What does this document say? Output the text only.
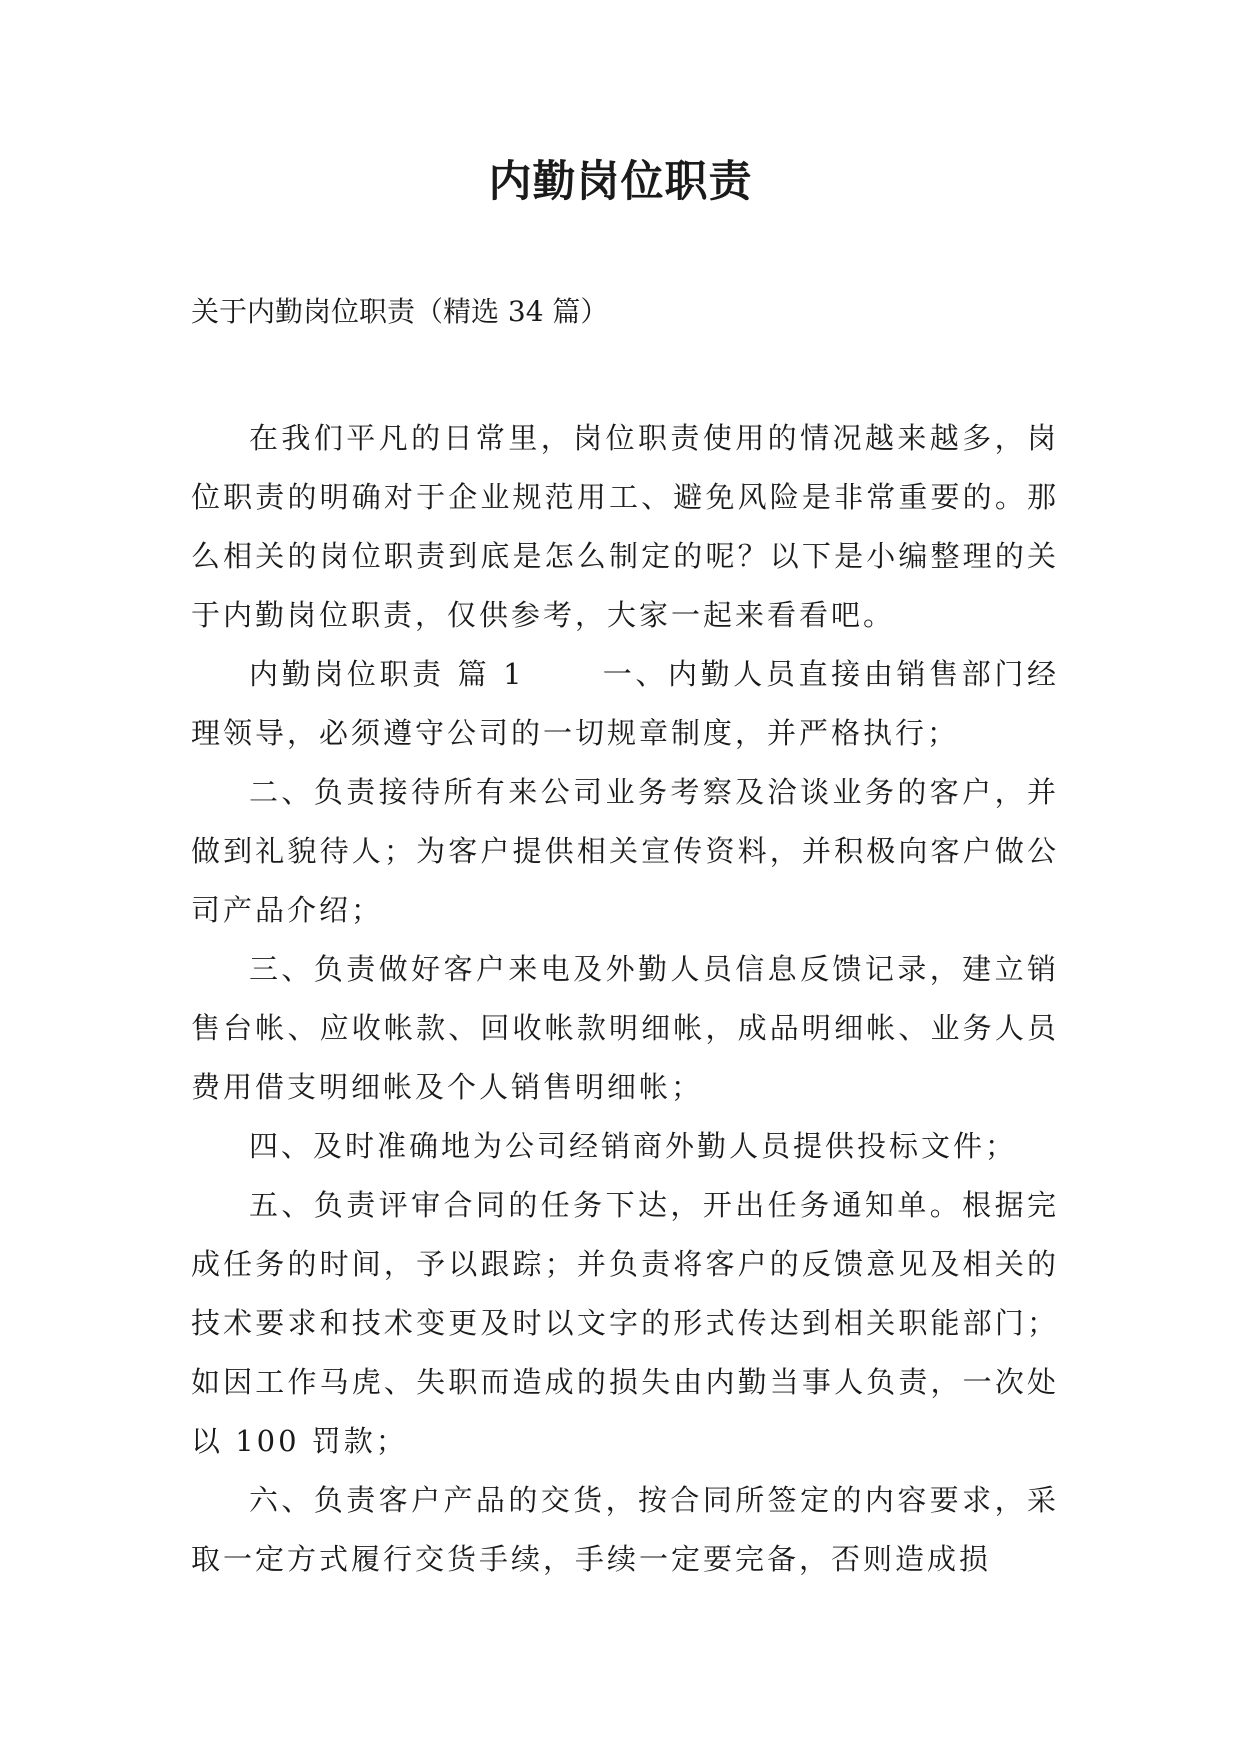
内勤岗位职责

关于内勤岗位职责（精选 34 篇）

在我们平凡的日常里，岗位职责使用的情况越来越多，岗位职责的明确对于企业规范用工、避免风险是非常重要的。那么相关的岗位职责到底是怎么制定的呢？以下是小编整理的关于内勤岗位职责，仅供参考，大家一起来看看吧。

内勤岗位职责 篇 1 　　一、内勤人员直接由销售部门经理领导，必须遵守公司的一切规章制度，并严格执行；

二、负责接待所有来公司业务考察及洽谈业务的客户，并做到礼貌待人；为客户提供相关宣传资料，并积极向客户做公司产品介绍；

三、负责做好客户来电及外勤人员信息反馈记录，建立销售台帐、应收帐款、回收帐款明细帐，成品明细帐、业务人员费用借支明细帐及个人销售明细帐；

四、及时准确地为公司经销商外勤人员提供投标文件；

五、负责评审合同的任务下达，开出任务通知单。根据完成任务的时间，予以跟踪；并负责将客户的反馈意见及相关的技术要求和技术变更及时以文字的形式传达到相关职能部门；如因工作马虎、失职而造成的损失由内勤当事人负责，一次处以 100 罚款；

六、负责客户产品的交货，按合同所签定的内容要求，采取一定方式履行交货手续，手续一定要完备，否则造成损
